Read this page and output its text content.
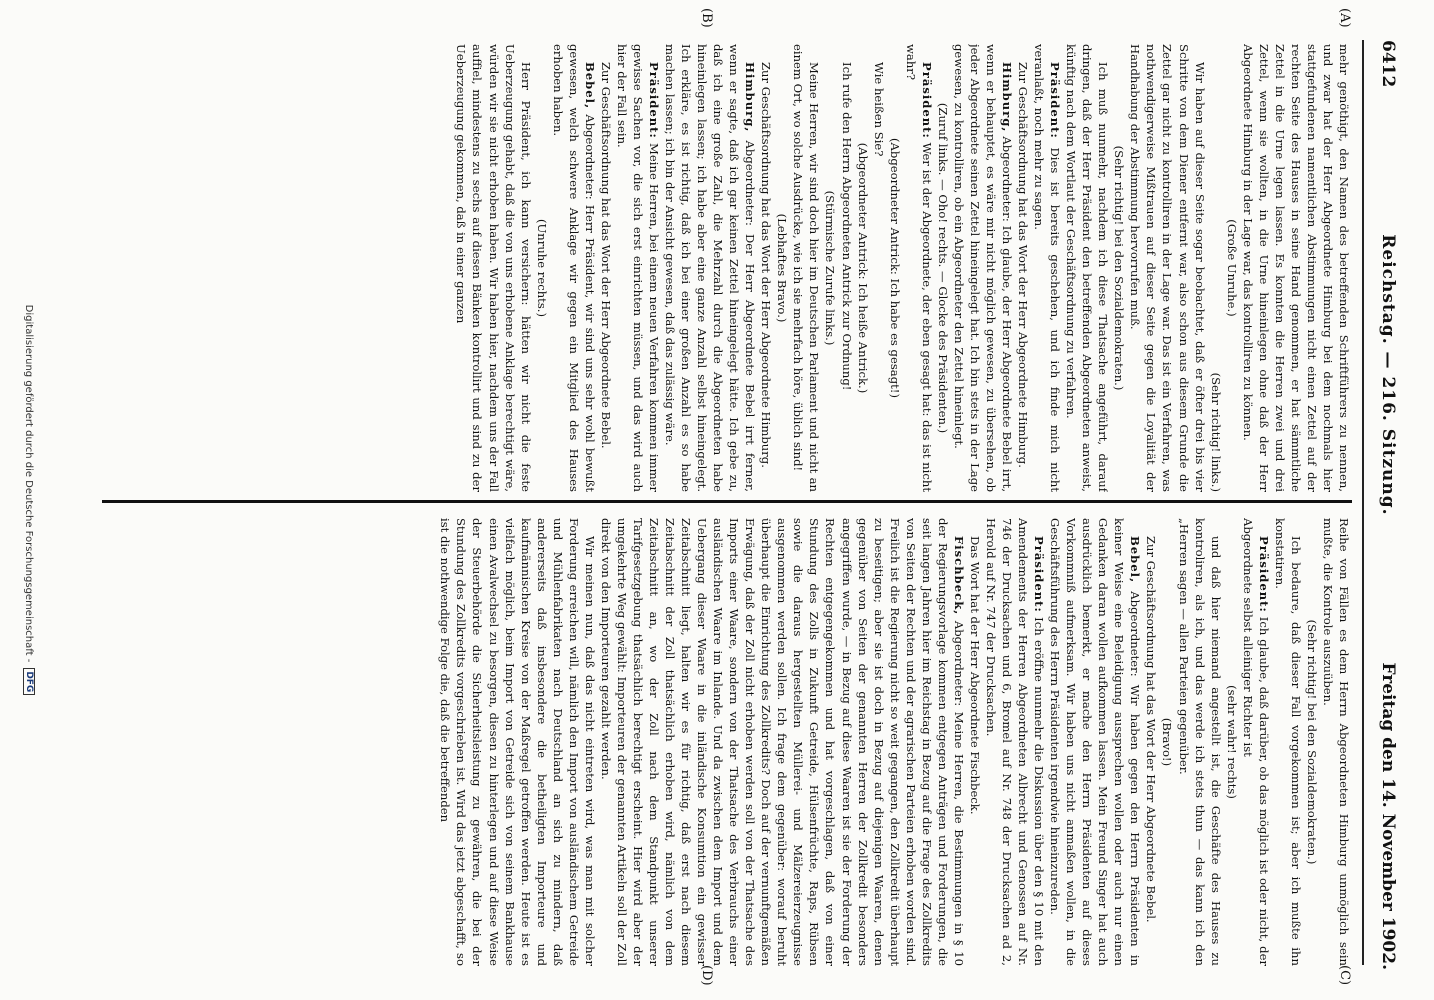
6412
Reichstag. — 216. Sitzung.
Freitag den 14. November 1902.
(A)
(B)
(C)
(D)

mehr genöthigt, den Namen des betreffenden Schriftführers zu nennen, und zwar hat der Herr Abgeordnete Himburg bei dem nochmals hier stattgefundenen namentlichen Abstimmungen nicht einen Zettel auf der rechten Seite des Hauses in seine Hand genommen, er hat sämmtliche Zettel in die Urne legen lassen. Es konnten die Herren zwei und drei Zettel, wenn sie wollten, in die Urne hineinlegen ohne daß der Herr Abgeordnete Himburg in der Lage war, das kontrolliren zu können.

(Große Unruhe.)

(Sehr richtig! links.)

Wir haben auf dieser Seite sogar beobachtet, daß er öfter drei bis vier Schritte von dem Diener entfernt war, also schon aus diesem Grunde die Zettel gar nicht zu kontrolliren in der Lage war. Das ist ein Verfahren, was nothwendigerweise Mißtrauen auf dieser Seite gegen die Loyalität der Handhabung der Abstimmung hervorrufen muß.

(Sehr richtig! bei den Sozialdemokraten.)

Ich muß nunmehr, nachdem ich diese Thatsache angeführt, darauf dringen, daß der Herr Präsident den betreffenden Abgeordneten anweist, künftig nach dem Wortlaut der Geschäftsordnung zu verfahren.

Präsident: Dies ist bereits geschehen, und ich finde mich nicht veranlaßt, noch mehr zu sagen.

Zur Geschäftsordnung hat das Wort der Herr Abgeordnete Himburg.

Himburg, Abgeordneter: Ich glaube, der Herr Abgeordnete Bebel irrt, wenn er behauptet, es wäre mir nicht möglich gewesen, zu übersehen, ob jeder Abgeordnete seinen Zettel hineingelegt hat. Ich bin stets in der Lage gewesen, zu kontrolliren, ob ein Abgeordneter den Zettel hineinlegt.

(Zuruf links. — Oho! rechts. — Glocke des Präsidenten.)

Präsident: Wer ist der Abgeordnete, der eben gesagt hat: das ist nicht wahr?

(Abgeordneter Antrick: Ich habe es gesagt!)

Wie heißen Sie?

(Abgeordneter Antrick: Ich heiße Antrick.)

Ich rufe den Herrn Abgeordneten Antrick zur Ordnung!

(Stürmische Zurufe links.)

Meine Herren, wir sind doch hier im Deutschen Parlament und nicht an einem Ort, wo solche Ausdrücke, wie ich sie mehrfach höre, üblich sind!

(Lebhaftes Bravo.)

Zur Geschäftsordnung hat das Wort der Herr Abgeordnete Himburg.

Himburg, Abgeordneter: Der Herr Abgeordnete Bebel irrt ferner, wenn er sagte, daß ich gar keinen Zettel hineingelegt hätte. Ich gebe zu, daß ich eine große Zahl, die Mehrzahl durch die Abgeordneten habe hineinlegen lassen; ich habe aber eine ganze Anzahl selbst hineingelegt. Ich erkläre, es ist richtig, daß ich bei einer großen Anzahl es so habe machen lassen; ich bin der Ansicht gewesen, daß das zulässig wäre.

Präsident: Meine Herren, bei einem neuen Verfahren kommen immer gewisse Sachen vor, die sich erst einrichten müssen, und das wird auch hier der Fall sein.

Zur Geschäftsordnung hat das Wort der Herr Abgeordnete Bebel.

Bebel, Abgeordneter: Herr Präsident, wir sind uns sehr wohl bewußt gewesen, welch schwere Anklage wir gegen ein Mitglied des Hauses erhoben haben.

(Unruhe rechts.)

Herr Präsident, ich kann versichern: hätten wir nicht die feste Ueberzeugung gehabt, daß die von uns erhobene Anklage berechtigt wäre, würden wir sie nicht erhoben haben. Wir haben hier, nachdem uns der Fall auffiel, mindestens zu sechs auf diesen Bänken kontrollirt und sind zu der Ueberzeugung gekommen, daß in einer ganzen

Reihe von Fällen es dem Herrn Abgeordneten Himburg unmöglich sein mußte, die Kontrole auszuüben.

(Sehr richtig! bei den Sozialdemokraten.)

Ich bedaure, daß dieser Fall vorgekommen ist; aber ich mußte ihn konstatiren.

Präsident: Ich glaube, daß darüber, ob das möglich ist oder nicht, der Abgeordnete selbst alleiniger Richter ist

(sehr wahr! rechts)

und daß hier niemand angestellt ist, die Geschäfte des Hauses zu kontroliren, als ich, und das werde ich stets thun — das kann ich den „Herren sagen — allen Parteien gegenüber.

(Bravo!)

Zur Geschäftsordnung hat das Wort der Herr Abgeordnete Bebel.

Bebel, Abgeordneter: Wir haben gegen den Herrn Präsidenten in keiner Weise eine Beleidigung aussprechen wollen oder auch nur einen Gedanken daran wollen aufkommen lassen. Mein Freund Singer hat auch ausdrücklich bemerkt, er mache den Herrn Präsidenten auf dieses Vorkommniß aufmerksam. Wir haben uns nicht anmaßen wollen, in die Geschäftsführung des Herrn Präsidenten irgendwie hineinzureden.

Präsident: Ich eröffne nunmehr die Diskussion über den § 10 mit den Amendements der Herren Abgeordneten Albrecht und Genossen auf Nr. 746 der Drucksachen und 6, Bromel auf Nr. 748 der Drucksachen ad 2, Herold auf Nr. 747 der Drucksachen.

Das Wort hat der Herr Abgeordnete Fischbeck.

Fischbeck, Abgeordneter: Meine Herren, die Bestimmungen in § 10 der Regierungsvorlage kommen entgegen Anträgen und Forderungen, die seit langen Jahren hier im Reichstag in Bezug auf die Frage des Zollkredits von Seiten der Rechten und der agrarischen Parteien erhoben worden sind. Freilich ist die Regierung nicht so weit gegangen, den Zollkredit überhaupt zu beseitigen; aber sie ist doch in Bezug auf diejenigen Waaren, denen gegenüber von Seiten der genannten Herren der Zollkredit besonders angegriffen wurde, — in Bezug auf diese Waaren ist sie der Forderung der Rechten entgegengekommen und hat vorgeschlagen, daß von einer Stundung des Zolls in Zukunft Getreide, Hülsenfrüchte, Raps, Rübsen sowie die daraus hergestellten Müllerei- und Mälzereierzeugnisse ausgenommen werden sollen. Ich frage dem gegenüber: worauf beruht überhaupt die Einrichtung des Zollkredits? Doch auf der vernunftgemäßen Erwägung, daß der Zoll nicht erhoben werden soll von der Thatsache des Imports einer Waare, sondern von der Thatsache des Verbrauchs einer ausländischen Waare im Inlande. Und da zwischen dem Import und dem Uebergang dieser Waare in die inländische Konsumtion ein gewisser Zeitabschnitt liegt, halten wir es für richtig, daß erst nach diesem Zeitabschnitt der Zoll thatsächlich erhoben wird, nämlich von dem Zeitabschnitt an, wo der Zoll nach dem Standpunkt unserer Tarifgesetzgebung thatsächlich berechtigt erscheint. Hier wird aber der umgekehrte Weg gewählt: Importeuren der genannten Artikeln soll der Zoll direkt von den Importeuren gezahlt werden.

Wir meinen nun, daß das nicht eintreten wird, was man mit solcher Forderung erreichen will, nämlich den Import von ausländischem Getreide und Mühlenfabrikaten nach Deutschland an sich zu mindern, daß andererseits daß insbesondere die betheiligten Importeure und kaufmännischen Kreise von der Maßregel getroffen werden. Heute ist es vielfach möglich, beim Import von Getreide sich von seinem Bankhause einen Avalwechsel zu besorgen, diesen zu hinterlegen und auf diese Weise der Steuerbehörde die Sicherheitsleistung zu gewähren, die bei der Stundung des Zollkredits vorgeschrieben ist. Wird das jetzt abgeschafft, so ist die nothwendige Folge die, daß die betreffenden

Digitalisierung gefördert durch die Deutsche Forschungsgemeinschaft -
DFG
